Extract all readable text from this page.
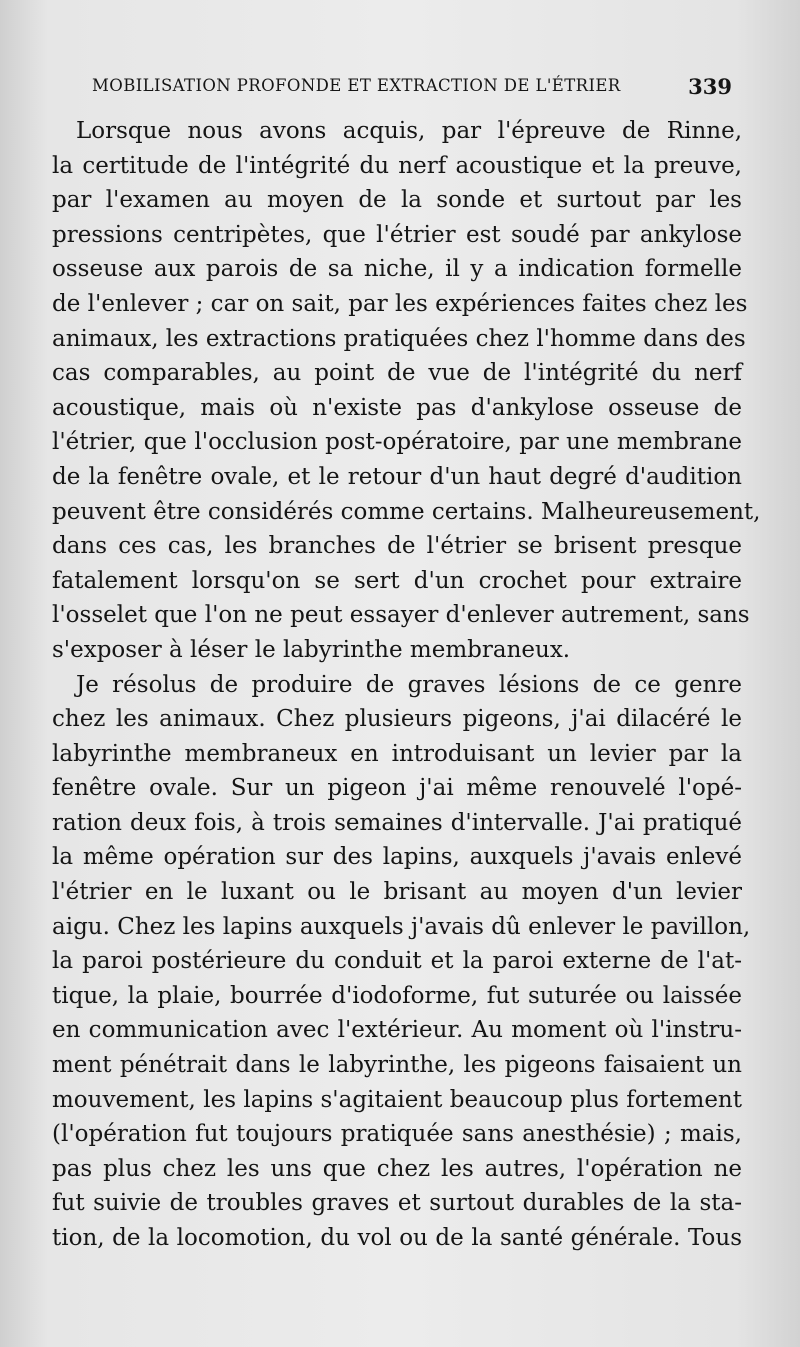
MOBILISATION PROFONDE ET EXTRACTION DE L'ÉTRIER	339
Lorsque nous avons acquis, par l'épreuve de Rinne,
la certitude de l'intégrité du nerf acoustique et la preuve,
par l'examen au moyen de la sonde et surtout par les
pressions centripètes, que l'étrier est soudé par ankylose
osseuse aux parois de sa niche, il y a indication formelle
de l'enlever ; car on sait, par les expériences faites chez les
animaux, les extractions pratiquées chez l'homme dans des
cas comparables, au point de vue de l'intégrité du nerf
acoustique, mais où n'existe pas d'ankylose osseuse de
l'étrier, que l'occlusion post-opératoire, par une membrane
de la fenêtre ovale, et le retour d'un haut degré d'audition
peuvent être considérés comme certains. Malheureusement,
dans ces cas, les branches de l'étrier se brisent presque
fatalement lorsqu'on se sert d'un crochet pour extraire
l'osselet que l'on ne peut essayer d'enlever autrement, sans
s'exposer à léser le labyrinthe membraneux.
Je résolus de produire de graves lésions de ce genre
chez les animaux. Chez plusieurs pigeons, j'ai dilacéré le
labyrinthe membraneux en introduisant un levier par la
fenêtre ovale. Sur un pigeon j'ai même renouvelé l'opé-
ration deux fois, à trois semaines d'intervalle. J'ai pratiqué
la même opération sur des lapins, auxquels j'avais enlevé
l'étrier en le luxant ou le brisant au moyen d'un levier
aigu. Chez les lapins auxquels j'avais dû enlever le pavillon,
la paroi postérieure du conduit et la paroi externe de l'at-
tique, la plaie, bourrée d'iodoforme, fut suturée ou laissée
en communication avec l'extérieur. Au moment où l'instru-
ment pénétrait dans le labyrinthe, les pigeons faisaient un
mouvement, les lapins s'agitaient beaucoup plus fortement
(l'opération fut toujours pratiquée sans anesthésie) ; mais,
pas plus chez les uns que chez les autres, l'opération ne
fut suivie de troubles graves et surtout durables de la sta-
tion, de la locomotion, du vol ou de la santé générale. Tous
